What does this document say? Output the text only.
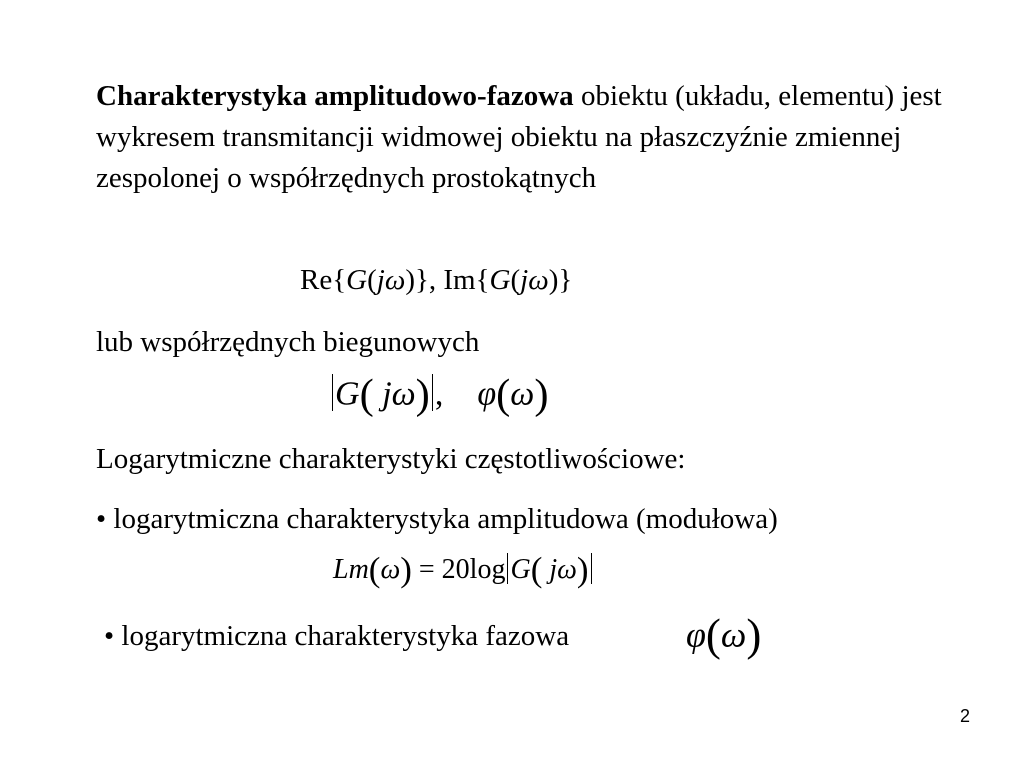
Charakterystyka amplitudowo-fazowa obiektu (układu, elementu) jest wykresem transmitancji widmowej obiektu na płaszczyźnie zmiennej zespolonej o współrzędnych prostokątnych
Re{G(jω)}, Im{G(jω)}
lub współrzędnych biegunowych
G( jω) , φ(ω)
Logarytmiczne charakterystyki częstotliwościowe:
• logarytmiczna charakterystyka amplitudowa (modułowa)
Lm(ω) = 20log G( jω)
• logarytmiczna charakterystyka fazowa	φ(ω)
2
